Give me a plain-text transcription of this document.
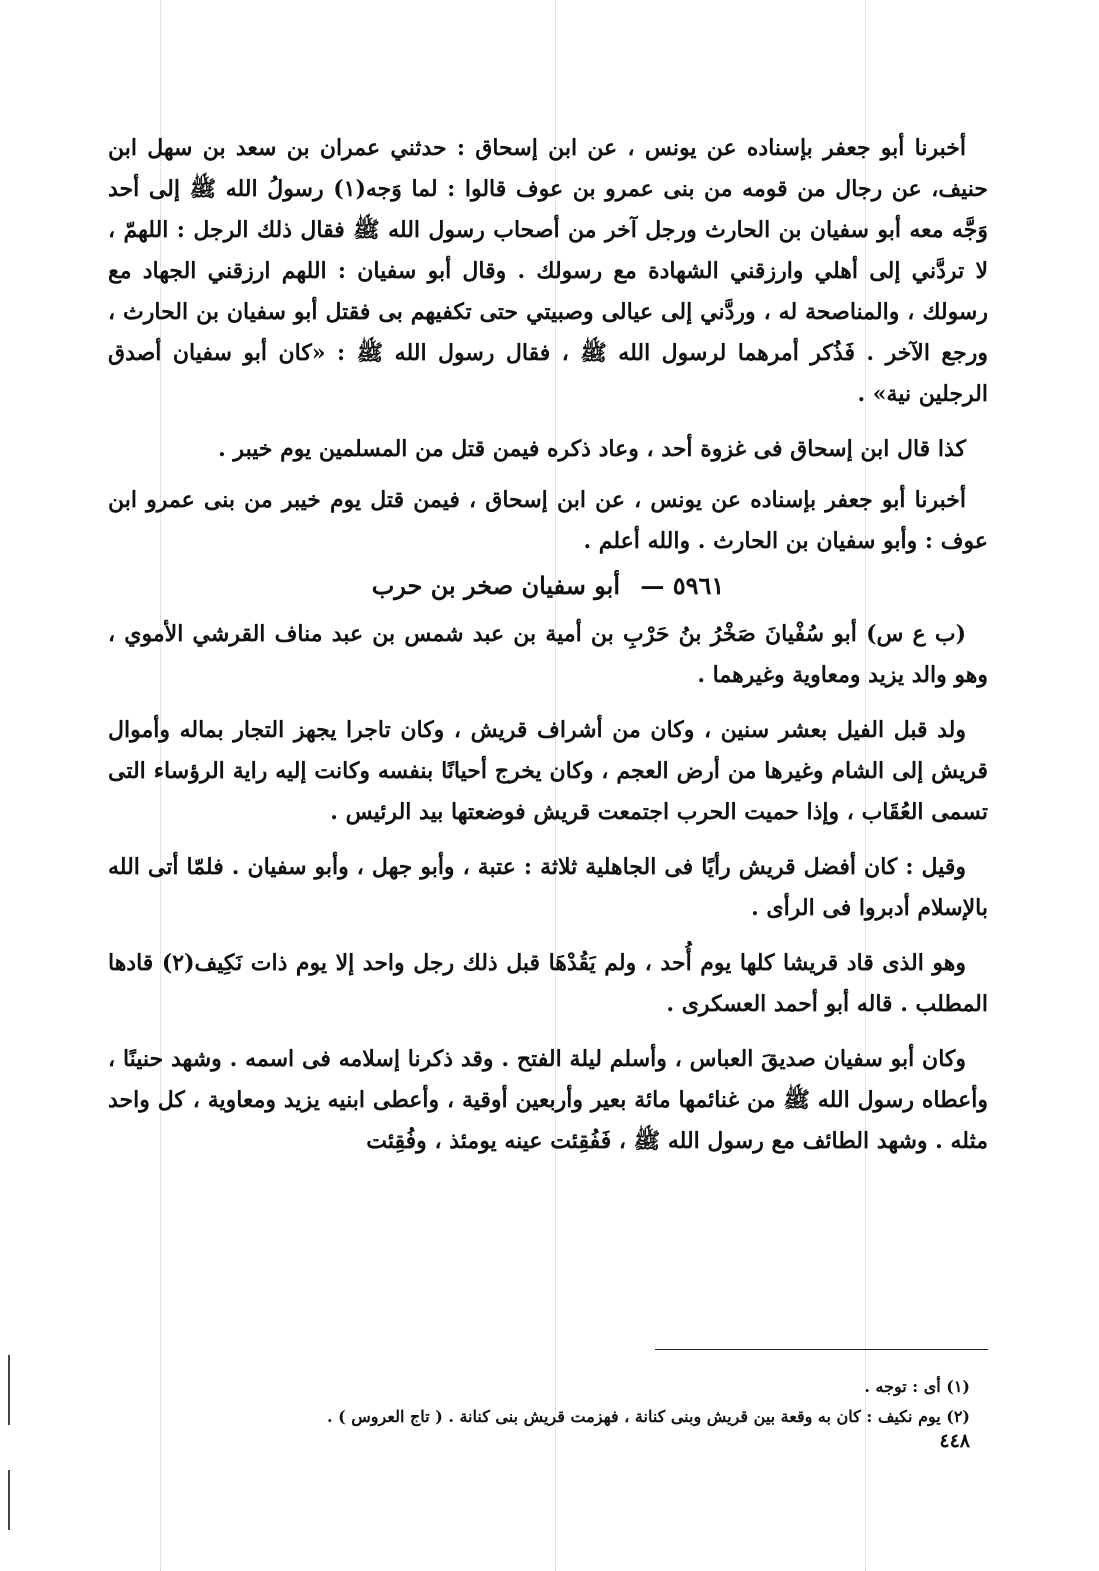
أخبرنا أبو جعفر بإسناده عن يونس ، عن ابن إسحاق : حدثني عمران بن سعد بن سهل ابن حنيف، عن رجال من قومه من بنى عمرو بن عوف قالوا : لما وَجه(١) رسولُ الله ﷺ إلى أحد وَجَّه معه أبو سفيان بن الحارث ورجل آخر من أصحاب رسول الله ﷺ فقال ذلك الرجل : اللهمّ ، لا تردَّني إلى أهلي وارزقني الشهادة مع رسولك . وقال أبو سفيان : اللهم ارزقني الجهاد مع رسولك ، والمناصحة له ، وردَّني إلى عيالى وصبيتي حتى تكفيهم بى فقتل أبو سفيان بن الحارث ، ورجع الآخر . فَذُكر أمرهما لرسول الله ﷺ ، فقال رسول الله ﷺ : «كان أبو سفيان أصدق الرجلين نية» .

كذا قال ابن إسحاق فى غزوة أحد ، وعاد ذكره فيمن قتل من المسلمين يوم خيبر .

أخبرنا أبو جعفر بإسناده عن يونس ، عن ابن إسحاق ، فيمن قتل يوم خيبر من بنى عمرو ابن عوف : وأبو سفيان بن الحارث . والله أعلم .

٥٩٦١ — أبو سفيان صخر بن حرب

(ب ع س) أبو سُفْيانَ صَخْرُ بنُ حَرْبِ بن أمية بن عبد شمس بن عبد مناف القرشي الأموي ، وهو والد يزيد ومعاوية وغيرهما .

ولد قبل الفيل بعشر سنين ، وكان من أشراف قريش ، وكان تاجرا يجهز التجار بماله وأموال قريش إلى الشام وغيرها من أرض العجم ، وكان يخرج أحيانًا بنفسه وكانت إليه راية الرؤساء التى تسمى العُقَاب ، وإذا حميت الحرب اجتمعت قريش فوضعتها بيد الرئيس .

وقيل : كان أفضل قريش رأيًا فى الجاهلية ثلاثة : عتبة ، وأبو جهل ، وأبو سفيان . فلمّا أتى الله بالإسلام أدبروا فى الرأى .

وهو الذى قاد قريشا كلها يوم أُحد ، ولم يَقُدْهَا قبل ذلك رجل واحد إلا يوم ذات نَكِيف(٢) قادها المطلب . قاله أبو أحمد العسكرى .

وكان أبو سفيان صديقَ العباس ، وأسلم ليلة الفتح . وقد ذكرنا إسلامه فى اسمه . وشهد حنينًا ، وأعطاه رسول الله ﷺ من غنائمها مائة بعير وأربعين أوقية ، وأعطى ابنيه يزيد ومعاوية ، كل واحد مثله . وشهد الطائف مع رسول الله ﷺ ، فَفُقِئت عينه يومئذ ، وفُقِئت

(١) أى : توجه .

(٢) يوم نكيف : كان به وقعة بين قريش وبنى كنانة ، فهزمت قريش بنى كنانة . ( تاج العروس ) .

٤٤٨
